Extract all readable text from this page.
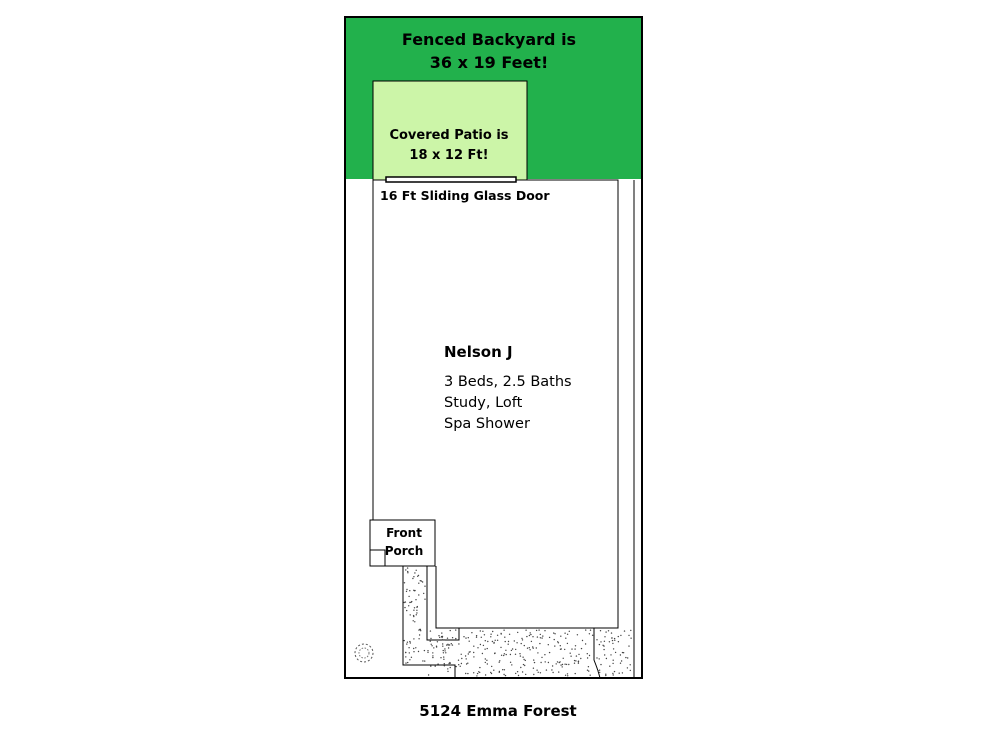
Fenced Backyard is
36 x 19 Feet!
Covered Patio is
18 x 12 Ft!
16 Ft Sliding Glass Door
Nelson J
3 Beds, 2.5 Baths
Study, Loft
Spa Shower
Front
Porch
5124 Emma Forest
